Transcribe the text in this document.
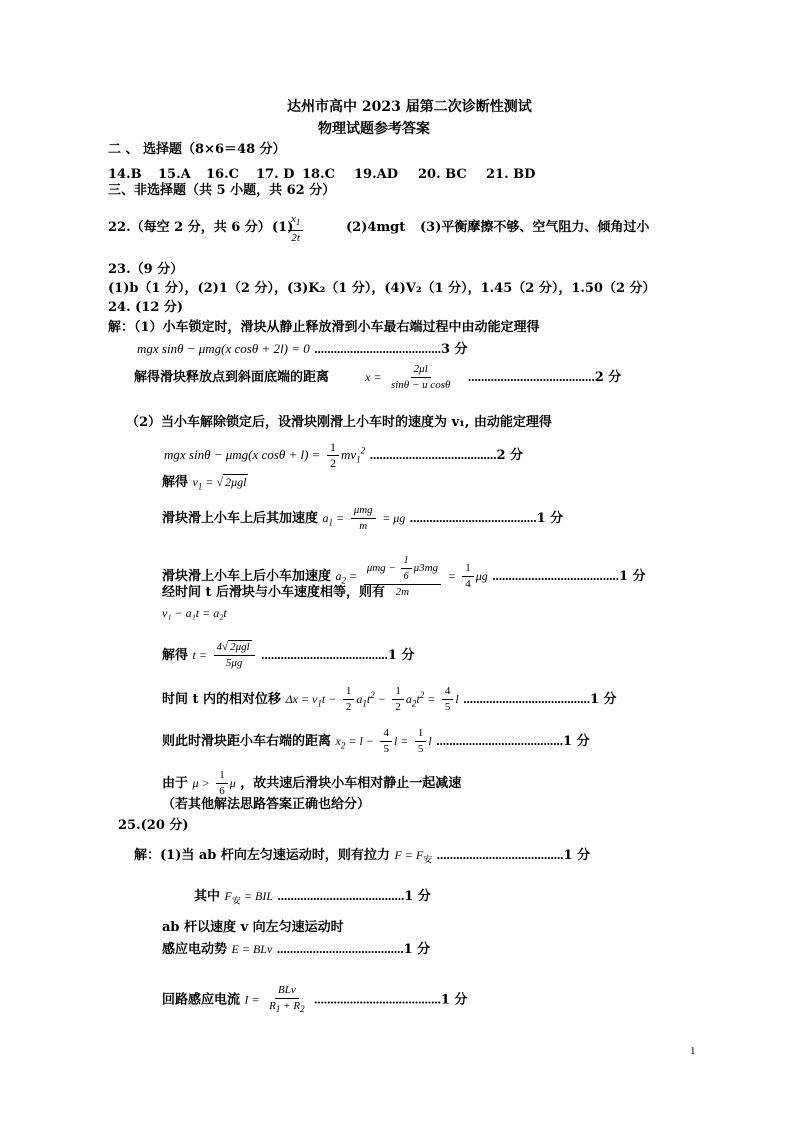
达州市高中 2023 届第二次诊断性测试
物理试题参考答案
二 、 选择题（8×6＝48 分）
14.B 15.A 16.C 17. D 18.C 19.AD 20. BC 21. BD
三、非选择题（共 5 小题，共 62 分）
22.（每空 2 分，共 6 分） (1)
$\frac{x_1}{2t}$	(2)4mgt (3)平衡摩擦不够、空气阻力、倾角过小
23.（9 分）
(1)b（1 分），(2)1（2 分），(3)K₂（1 分），(4)V₂（1 分），1.45（2 分），1.50（2 分）
24. (12 分)
解：（1）小车锁定时，滑块从静止释放滑到小车最右端过程中由动能定理得
mgx sinθ − μmg(x cosθ + 2l) = 0 .......................................3 分
解得滑块释放点到斜面底端的距离	$x = \frac{2\mu l}{\text{sinθ − u cosθ}} .......................................2$ 分
（2）当小车解除锁定后，设滑块刚滑上小车时的速度为 v₁, 由动能定理得
mgx sinθ − μmg(x $\cos\theta + l) = \frac{1}{2} mv_1^2$ .......................................2 分
解得 $v_1$ = √ 2μgl
滑块滑上小车上后其加速度 $a_1 = \frac{\text{μmg}}{m} = \mu g$ .......................................1 分
滑块滑上小车上后小车加速度 $a_2 = \frac{\mu mg - \frac{1}{6} \mu 3mg}{2m} = \frac{1}{4}$ μg .......................................1 分
经时间 t 后滑块与小车速度相等，则有
v₁ − a₁t = a₂t
解得 $t = \frac{\text{4√ 2μgl}}{5\mu g} .......................................1$ 分
时间 t 内的相对位移 $\Delta x = v_1t - \frac{1}{2} a_1t^2 - \frac{1}{2} a_2t^2 = \frac{4}{5}$ l .......................................1 分
则此时滑块距小车右端的距离 $x_2 = l - \frac{4}{5}$ $l = \frac{1}{5}$ l .......................................1 分
由于 $\mu > \frac{1}{6}$ μ ，故共速后滑块小车相对静止一起减速
（若其他解法思路答案正确也给分）
25.(20 分)
解：(1)当 ab 杆向左匀速运动时，则有拉力 $F = F_安$ .......................................1 分
其中 $F_安$ = BIL .......................................1 分
ab 杆以速度 v 向左匀速运动时
感应电动势 E = BLv .......................................1 分
回路感应电流 $I = \frac{\text{BLv}}{R_1 + R_2} .......................................1$ 分
1
